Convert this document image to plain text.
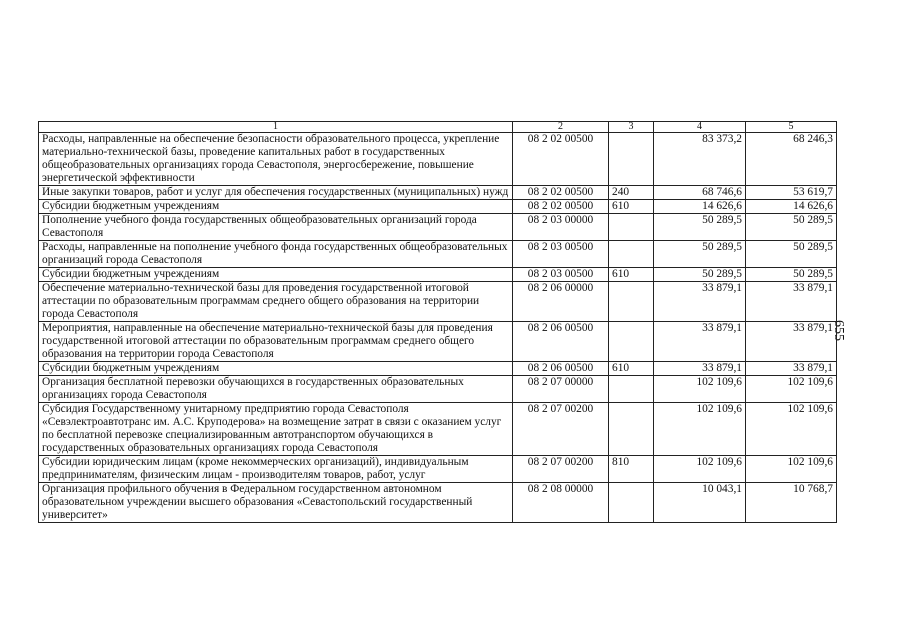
655
1	2	3	4	5
Расходы, направленные на обеспечение безопасности образовательного процесса, укрепление материально-технической базы, проведение капитальных работ в государственных общеобразовательных организациях города Севастополя, энергосбережение, повышение энергетической эффективности	08 2 02 00500		83 373,2	68 246,3
Иные закупки товаров, работ и услуг для обеспечения государственных (муниципальных) нужд	08 2 02 00500	240	68 746,6	53 619,7
Субсидии бюджетным учреждениям	08 2 02 00500	610	14 626,6	14 626,6
Пополнение учебного фонда государственных общеобразовательных организаций города Севастополя	08 2 03 00000		50 289,5	50 289,5
Расходы, направленные на пополнение учебного фонда государственных общеобразовательных организаций города Севастополя	08 2 03 00500		50 289,5	50 289,5
Субсидии бюджетным учреждениям	08 2 03 00500	610	50 289,5	50 289,5
Обеспечение материально-технической базы для проведения государственной итоговой аттестации по образовательным программам среднего общего образования на территории города Севастополя	08 2 06 00000		33 879,1	33 879,1
Мероприятия, направленные на обеспечение материально-технической базы для проведения государственной итоговой аттестации по образовательным программам среднего общего образования на территории города Севастополя	08 2 06 00500		33 879,1	33 879,1
Субсидии бюджетным учреждениям	08 2 06 00500	610	33 879,1	33 879,1
Организация бесплатной перевозки обучающихся в государственных образовательных организациях города Севастополя	08 2 07 00000		102 109,6	102 109,6
Субсидия Государственному унитарному предприятию города Севастополя «Севэлектроавтотранс им. А.С. Круподерова» на возмещение затрат в связи с оказанием услуг по бесплатной перевозке специализированным автотранспортом обучающихся в государственных образовательных организациях города Севастополя	08 2 07 00200		102 109,6	102 109,6
Субсидии юридическим лицам (кроме некоммерческих организаций), индивидуальным предпринимателям, физическим лицам - производителям товаров, работ, услуг	08 2 07 00200	810	102 109,6	102 109,6
Организация профильного обучения в Федеральном государственном автономном образовательном учреждении высшего образования «Севастопольский государственный университет»	08 2 08 00000		10 043,1	10 768,7
